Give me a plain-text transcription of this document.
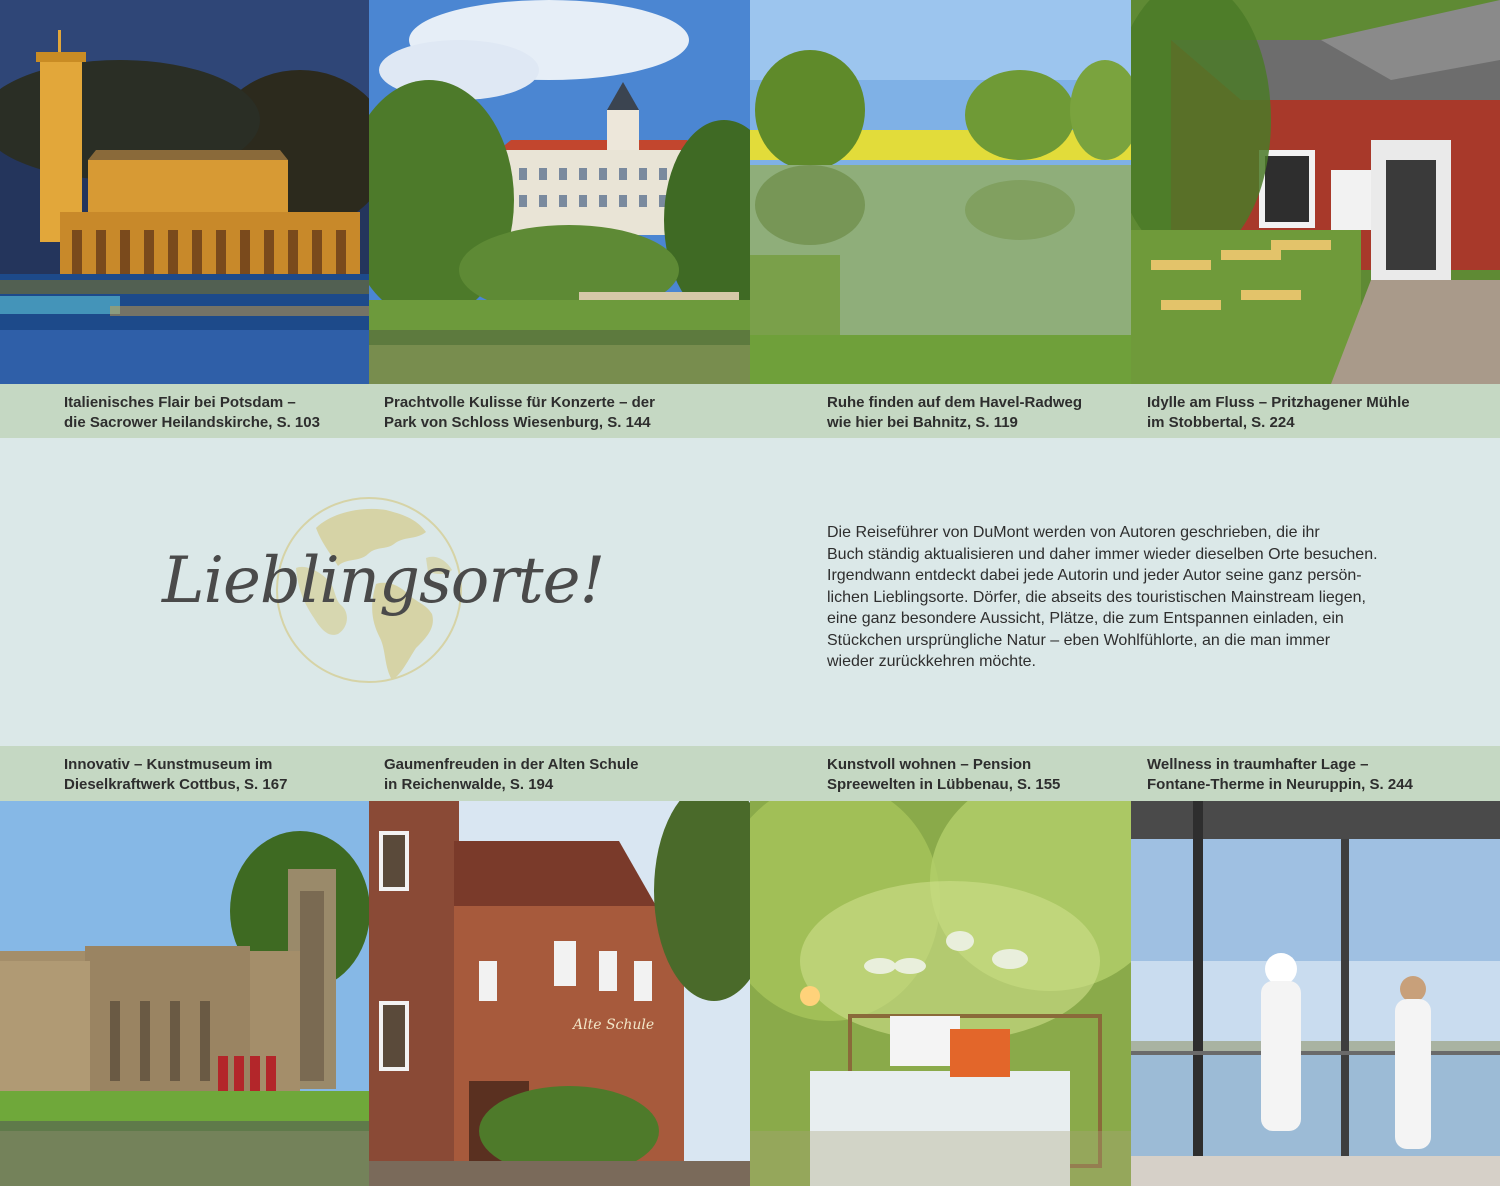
Italienisches Flair bei Potsdam –
die Sacrower Heilandskirche, S. 103
Prachtvolle Kulisse für Konzerte – der
Park von Schloss Wiesenburg, S. 144
Ruhe finden auf dem Havel-Radweg
wie hier bei Bahnitz, S. 119
Idylle am Fluss – Pritzhagener Mühle
im Stobbertal, S. 224
Lieblingsorte!
Die Reiseführer von DuMont werden von Autoren geschrieben, die ihr
Buch ständig aktualisieren und daher immer wieder dieselben Orte besuchen.
Irgendwann entdeckt dabei jede Autorin und jeder Autor seine ganz persön-
lichen Lieblingsorte. Dörfer, die abseits des touristischen Mainstream liegen,
eine ganz besondere Aussicht, Plätze, die zum Entspannen einladen, ein
Stückchen ursprüngliche Natur – eben Wohlfühlorte, an die man immer
wieder zurückkehren möchte.
Innovativ – Kunstmuseum im
Dieselkraftwerk Cottbus, S. 167
Gaumenfreuden in der Alten Schule
in Reichenwalde, S. 194
Kunstvoll wohnen – Pension
Spreewelten in Lübbenau, S. 155
Wellness in traumhafter Lage –
Fontane-Therme in Neuruppin, S. 244
Alte Schule
